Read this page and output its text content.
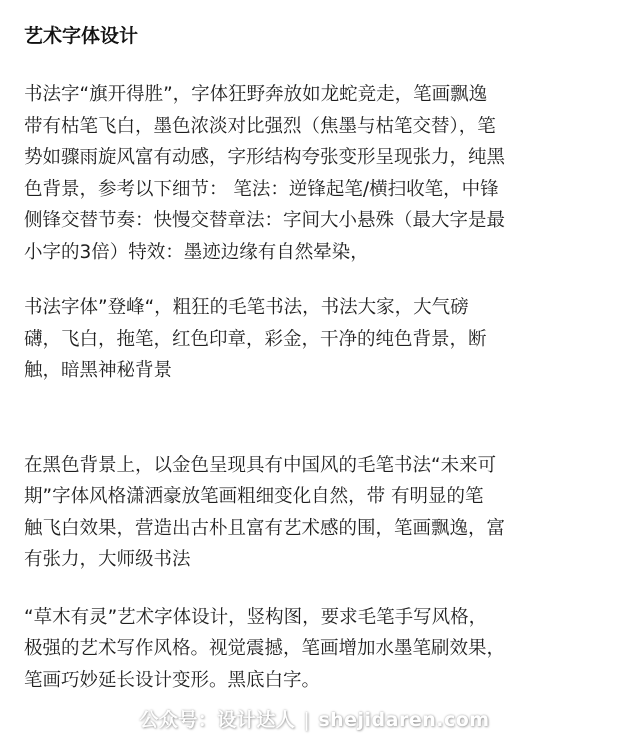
艺术字体设计

书法字“旗开得胜”，字体狂野奔放如龙蛇竞走，笔画飘逸
带有枯笔飞白，墨色浓淡对比强烈（焦墨与枯笔交替），笔
势如骤雨旋风富有动感，字形结构夸张变形呈现张力，纯黑
色背景，参考以下细节： 笔法：逆锋起笔/横扫收笔，中锋
侧锋交替节奏：快慢交替章法：字间大小悬殊（最大字是最
小字的3倍）特效：墨迹边缘有自然晕染，

书法字体”登峰“，粗狂的毛笔书法，书法大家，大气磅
礴，飞白，拖笔，红色印章，彩金，干净的纯色背景，断
触，暗黑神秘背景

在黑色背景上，以金色呈现具有中国风的毛笔书法“未来可
期”字体风格潇洒豪放笔画粗细变化自然，带 有明显的笔
触飞白效果，营造出古朴且富有艺术感的围，笔画飘逸，富
有张力，大师级书法

“草木有灵”艺术字体设计，竖构图，要求毛笔手写风格，
极强的艺术写作风格。视觉震撼，笔画增加水墨笔刷效果，
笔画巧妙延长设计变形。黑底白字。

公众号：设计达人 | shejidaren.com
